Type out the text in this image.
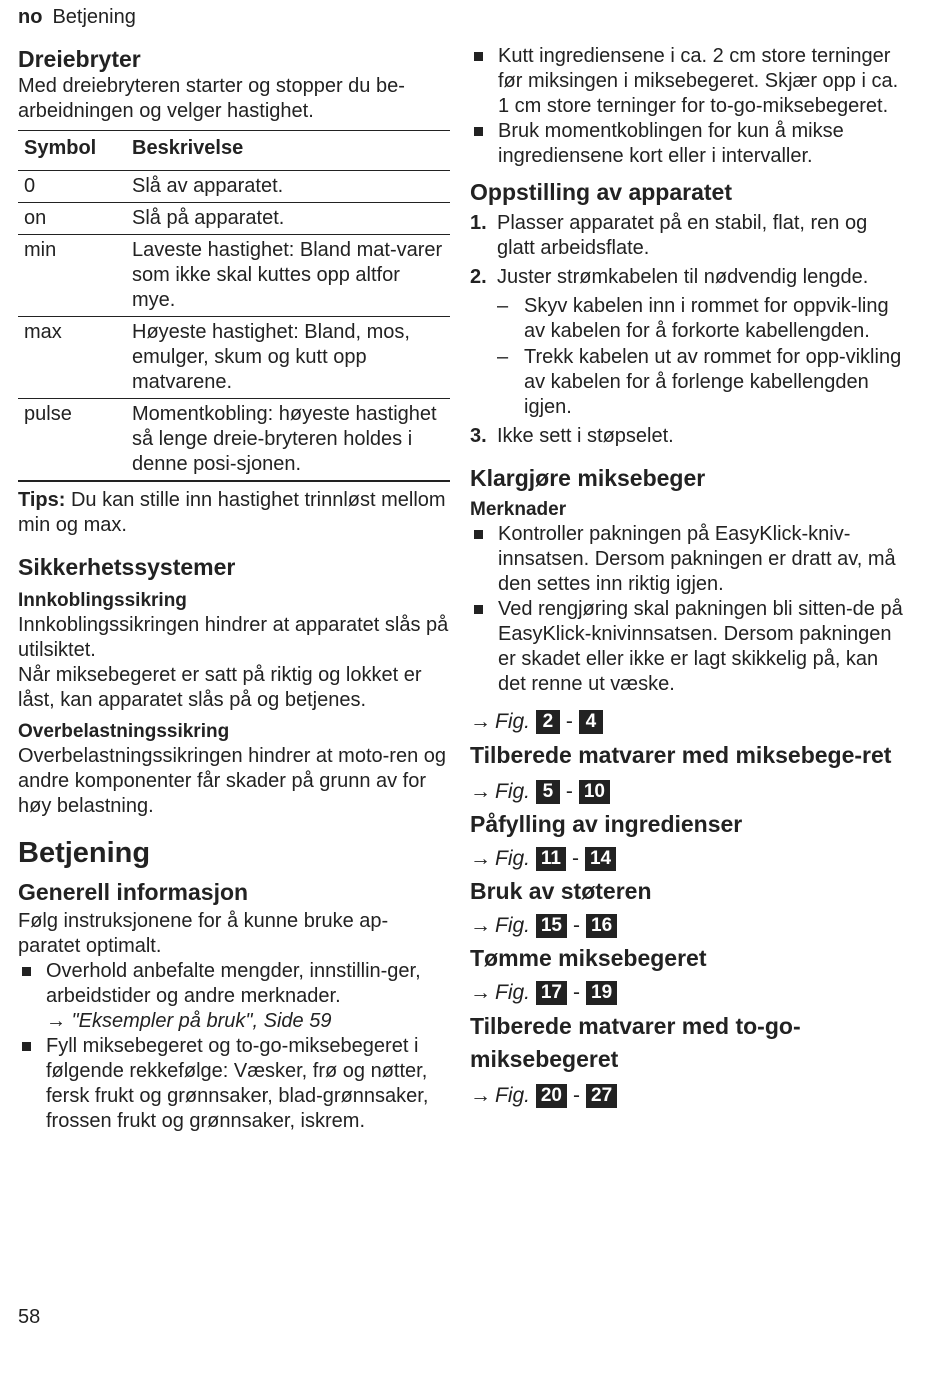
no Betjening
Dreiebryter

Med dreiebryteren starter og stopper du be-arbeidningen og velger hastighet.

Symbol	Beskrivelse
0	Slå av apparatet.
on	Slå på apparatet.
min	Laveste hastighet: Bland mat-varer som ikke skal kuttes opp altfor mye.
max	Høyeste hastighet: Bland, mos, emulger, skum og kutt opp matvarene.
pulse	Momentkobling: høyeste hastighet så lenge dreie-bryteren holdes i denne posi-sjonen.

Tips: Du kan stille inn hastighet trinnløst mellom min og max.

Sikkerhetssystemer
Innkoblingssikring

Innkoblingssikringen hindrer at apparatet slås på utilsiktet.

Når miksebegeret er satt på riktig og lokket er låst, kan apparatet slås på og betjenes.

Overbelastningssikring

Overbelastningssikringen hindrer at moto-ren og andre komponenter får skader på grunn av for høy belastning.

Betjening
Generell informasjon

Følg instruksjonene for å kunne bruke ap-paratet optimalt.

Overhold anbefalte mengder, innstillin-ger, arbeidstider og andre merknader.
→ "Eksempler på bruk", Side 59
Fyll miksebegeret og to-go-miksebegeret i følgende rekkefølge: Væsker, frø og nøtter, fersk frukt og grønnsaker, blad-grønnsaker, frossen frukt og grønnsaker, iskrem.
Kutt ingrediensene i ca. 2 cm store terninger før miksingen i miksebegeret. Skjær opp i ca. 1 cm store terninger for to-go-miksebegeret.
Bruk momentkoblingen for kun å mikse ingrediensene kort eller i intervaller.
Oppstilling av apparatet
1. Plasser apparatet på en stabil, flat, ren og glatt arbeidsflate.
2. Juster strømkabelen til nødvendig lengde.
– Skyv kabelen inn i rommet for oppvik-ling av kabelen for å forkorte kabellengden.
– Trekk kabelen ut av rommet for opp-vikling av kabelen for å forlenge kabellengden igjen.
3. Ikke sett i støpselet.
Klargjøre miksebeger
Merknader
Kontroller pakningen på EasyKlick-kniv-innsatsen. Dersom pakningen er dratt av, må den settes inn riktig igjen.
Ved rengjøring skal pakningen bli sitten-de på EasyKlick-knivinnsatsen. Dersom pakningen er skadet eller ikke er lagt skikkelig på, kan det renne ut væske.
→ Fig.
2 - 4
Tilberede matvarer med miksebege-ret
→ Fig.
5 - 10
Påfylling av ingredienser
→ Fig.
11 - 14
Bruk av støteren
→ Fig.
15 - 16
Tømme miksebegeret
→ Fig.
17 - 19
Tilberede matvarer med to-go-miksebegeret
→ Fig.
20 - 27
58
